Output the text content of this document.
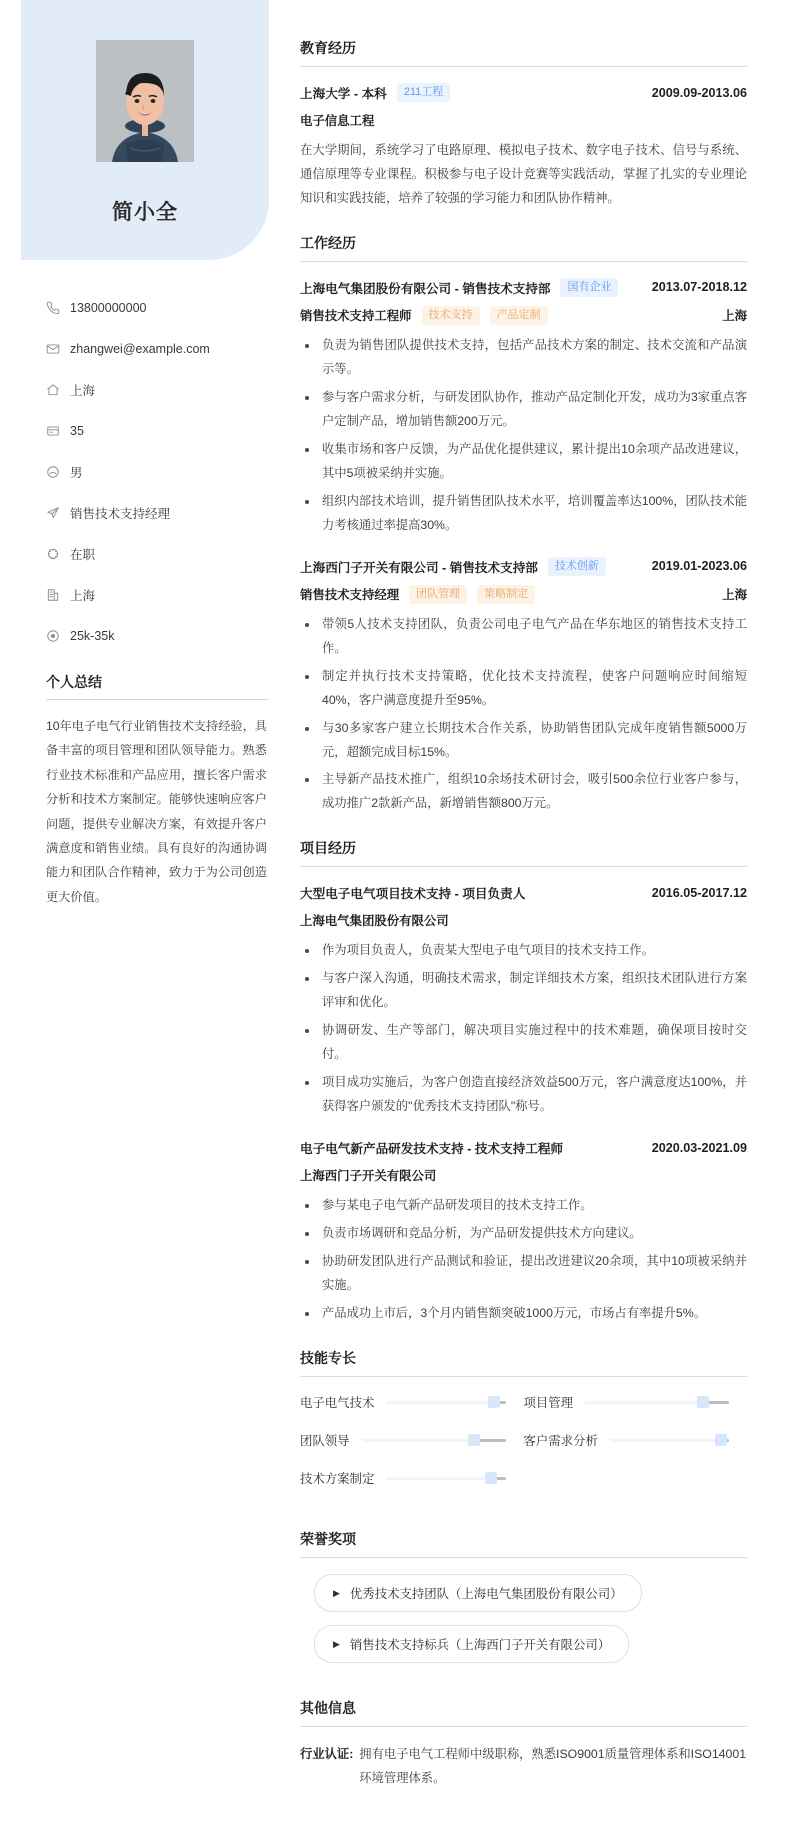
简小全
13800000000
zhangwei@example.com
上海
35
男
销售技术支持经理
在职
上海
25k-35k
个人总结
10年电子电气行业销售技术支持经验，具备丰富的项目管理和团队领导能力。熟悉行业技术标准和产品应用，擅长客户需求分析和技术方案制定。能够快速响应客户问题，提供专业解决方案，有效提升客户满意度和销售业绩。具有良好的沟通协调能力和团队合作精神，致力于为公司创造更大价值。
教育经历
上海大学 - 本科	211工程	2009.09-2013.06
电子信息工程
在大学期间，系统学习了电路原理、模拟电子技术、数字电子技术、信号与系统、通信原理等专业课程。积极参与电子设计竞赛等实践活动，掌握了扎实的专业理论知识和实践技能，培养了较强的学习能力和团队协作精神。
工作经历
上海电气集团股份有限公司 - 销售技术支持部	国有企业	2013.07-2018.12
销售技术支持工程师	技术支持	产品定制	上海
负责为销售团队提供技术支持，包括产品技术方案的制定、技术交流和产品演示等。
参与客户需求分析，与研发团队协作，推动产品定制化开发，成功为3家重点客户定制产品，增加销售额200万元。
收集市场和客户反馈，为产品优化提供建议，累计提出10余项产品改进建议，其中5项被采纳并实施。
组织内部技术培训，提升销售团队技术水平，培训覆盖率达100%，团队技术能力考核通过率提高30%。
上海西门子开关有限公司 - 销售技术支持部	技术创新	2019.01-2023.06
销售技术支持经理	团队管理	策略制定	上海
带领5人技术支持团队，负责公司电子电气产品在华东地区的销售技术支持工作。
制定并执行技术支持策略，优化技术支持流程，使客户问题响应时间缩短40%，客户满意度提升至95%。
与30多家客户建立长期技术合作关系，协助销售团队完成年度销售额5000万元，超额完成目标15%。
主导新产品技术推广，组织10余场技术研讨会，吸引500余位行业客户参与，成功推广2款新产品，新增销售额800万元。
项目经历
大型电子电气项目技术支持 - 项目负责人	2016.05-2017.12
上海电气集团股份有限公司
作为项目负责人，负责某大型电子电气项目的技术支持工作。
与客户深入沟通，明确技术需求，制定详细技术方案，组织技术团队进行方案评审和优化。
协调研发、生产等部门，解决项目实施过程中的技术难题，确保项目按时交付。
项目成功实施后，为客户创造直接经济效益500万元，客户满意度达100%，并获得客户颁发的"优秀技术支持团队"称号。
电子电气新产品研发技术支持 - 技术支持工程师	2020.03-2021.09
上海西门子开关有限公司
参与某电子电气新产品研发项目的技术支持工作。
负责市场调研和竞品分析，为产品研发提供技术方向建议。
协助研发团队进行产品测试和验证，提出改进建议20余项，其中10项被采纳并实施。
产品成功上市后，3个月内销售额突破1000万元，市场占有率提升5%。
技能专长
电子电气技术	项目管理
团队领导	客户需求分析
技术方案制定
荣誉奖项
▶ 优秀技术支持团队（上海电气集团股份有限公司）
▶ 销售技术支持标兵（上海西门子开关有限公司）
其他信息
行业认证: 拥有电子电气工程师中级职称，熟悉ISO9001质量管理体系和ISO14001环境管理体系。
